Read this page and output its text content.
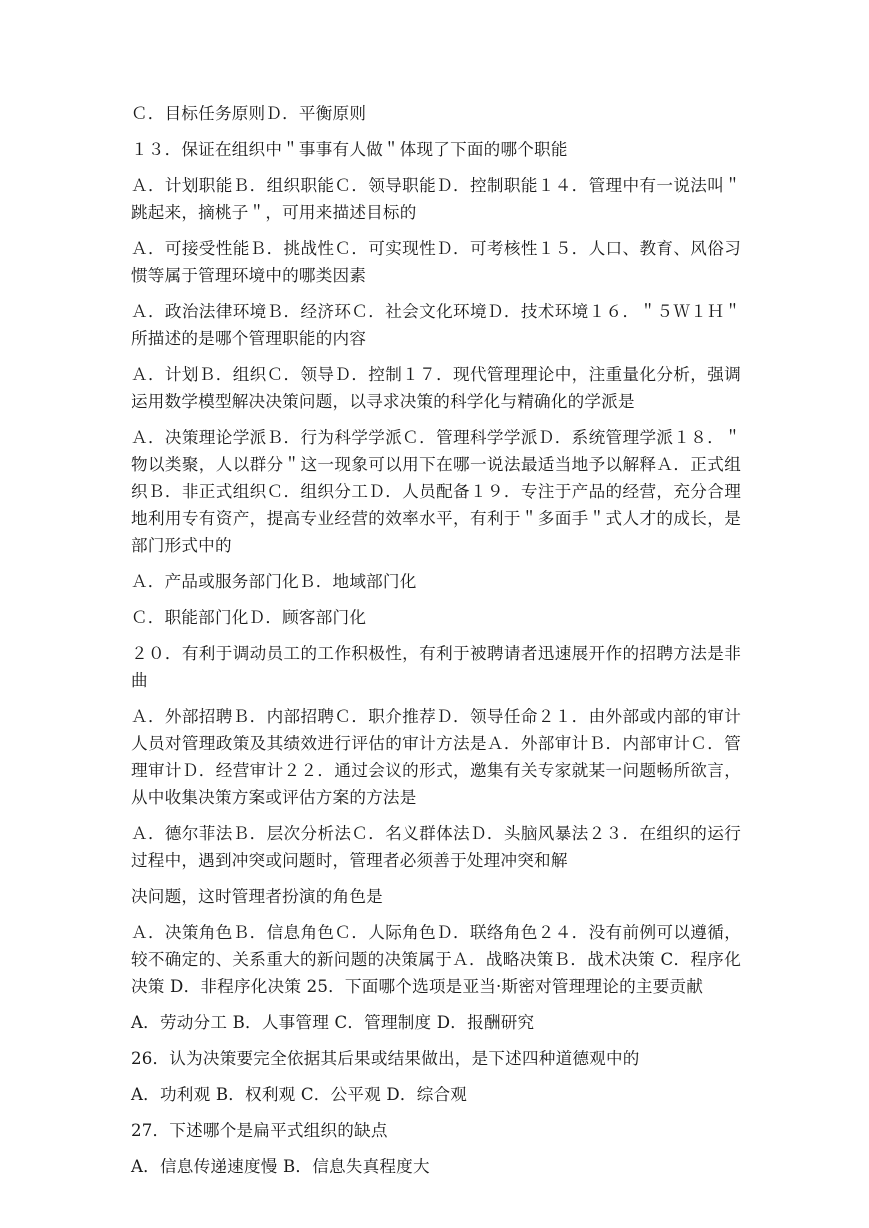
Ｃ．目标任务原则Ｄ．平衡原则

１３．保证在组织中＂事事有人做＂体现了下面的哪个职能

Ａ．计划职能Ｂ．组织职能Ｃ．领导职能Ｄ．控制职能１４．管理中有一说法叫＂跳起来，摘桃子＂，可用来描述目标的

Ａ．可接受性能Ｂ．挑战性Ｃ．可实现性Ｄ．可考核性１５．人口、教育、风俗习惯等属于管理环境中的哪类因素

Ａ．政治法律环境Ｂ．经济环Ｃ．社会文化环境Ｄ．技术环境１６．＂５Ｗ１Ｈ＂所描述的是哪个管理职能的内容

Ａ．计划Ｂ．组织Ｃ．领导Ｄ．控制１７．现代管理理论中，注重量化分析，强调运用数学模型解决决策问题，以寻求决策的科学化与精确化的学派是

Ａ．决策理论学派Ｂ．行为科学学派Ｃ．管理科学学派Ｄ．系统管理学派１８．＂物以类聚，人以群分＂这一现象可以用下在哪一说法最适当地予以解释Ａ．正式组织Ｂ．非正式组织Ｃ．组织分工Ｄ．人员配备１９．专注于产品的经营，充分合理地利用专有资产，提高专业经营的效率水平，有利于＂多面手＂式人才的成长，是部门形式中的

Ａ．产品或服务部门化Ｂ．地域部门化

Ｃ．职能部门化Ｄ．顾客部门化

２０．有利于调动员工的工作积极性，有利于被聘请者迅速展开作的招聘方法是非曲

Ａ．外部招聘Ｂ．内部招聘Ｃ．职介推荐Ｄ．领导任命２１．由外部或内部的审计人员对管理政策及其绩效进行评估的审计方法是Ａ．外部审计Ｂ．内部审计Ｃ．管理审计Ｄ．经营审计２２．通过会议的形式，邀集有关专家就某一问题畅所欲言，从中收集决策方案或评估方案的方法是

Ａ．德尔菲法Ｂ．层次分析法Ｃ．名义群体法Ｄ．头脑风暴法２３．在组织的运行过程中，遇到冲突或问题时，管理者必须善于处理冲突和解

决问题，这时管理者扮演的角色是

Ａ．决策角色Ｂ．信息角色Ｃ．人际角色Ｄ．联络角色２４．没有前例可以遵循，较不确定的、关系重大的新问题的决策属于Ａ．战略决策Ｂ．战术决策 C．程序化决策 D．非程序化决策 25．下面哪个选项是亚当·斯密对管理理论的主要贡献

A．劳动分工 B．人事管理 C．管理制度 D．报酬研究

26．认为决策要完全依据其后果或结果做出，是下述四种道德观中的

A．功利观 B．权利观 C．公平观 D．综合观

27．下述哪个是扁平式组织的缺点

A．信息传递速度慢 B．信息失真程度大
